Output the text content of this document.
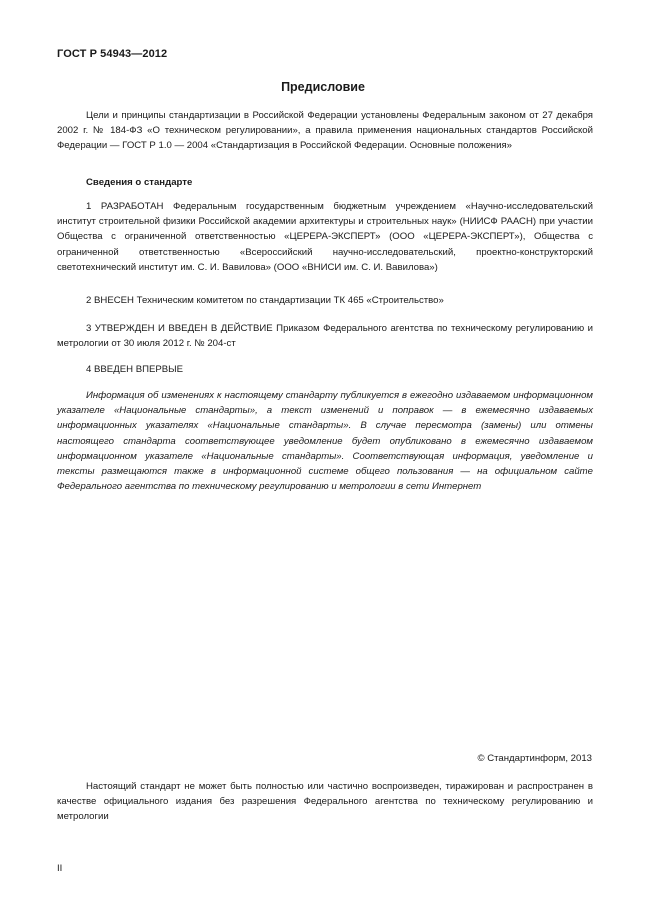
ГОСТ Р 54943—2012
Предисловие

Цели и принципы стандартизации в Российской Федерации установлены Федеральным законом от 27 декабря 2002 г. № 184-ФЗ «О техническом регулировании», а правила применения национальных стандартов Российской Федерации — ГОСТ Р 1.0 — 2004 «Стандартизация в Российской Федерации. Основные положения»

Сведения о стандарте

1 РАЗРАБОТАН Федеральным государственным бюджетным учреждением «Научно-исследовательский институт строительной физики Российской академии архитектуры и строительных наук» (НИИСФ РААСН) при участии Общества с ограниченной ответственностью «ЦЕРЕРА-ЭКСПЕРТ» (ООО «ЦЕРЕРА-ЭКСПЕРТ»), Общества с ограниченной ответственностью «Всероссийский научно-исследовательский, проектно-конструкторский светотехнический институт им. С. И. Вавилова» (ООО «ВНИСИ им. С. И. Вавилова»)

2 ВНЕСЕН Техническим комитетом по стандартизации ТК 465 «Строительство»

3 УТВЕРЖДЕН И ВВЕДЕН В ДЕЙСТВИЕ Приказом Федерального агентства по техническому регулированию и метрологии от 30 июля 2012 г. № 204-ст

4 ВВЕДЕН ВПЕРВЫЕ

Информация об изменениях к настоящему стандарту публикуется в ежегодно издаваемом информационном указателе «Национальные стандарты», а текст изменений и поправок — в ежемесячно издаваемых информационных указателях «Национальные стандарты». В случае пересмотра (замены) или отмены настоящего стандарта соответствующее уведомление будет опубликовано в ежемесячно издаваемом информационном указателе «Национальные стандарты». Соответствующая информация, уведомление и тексты размещаются также в информационной системе общего пользования — на официальном сайте Федерального агентства по техническому регулированию и метрологии в сети Интернет

© Стандартинформ, 2013

Настоящий стандарт не может быть полностью или частично воспроизведен, тиражирован и распространен в качестве официального издания без разрешения Федерального агентства по техническому регулированию и метрологии

II
